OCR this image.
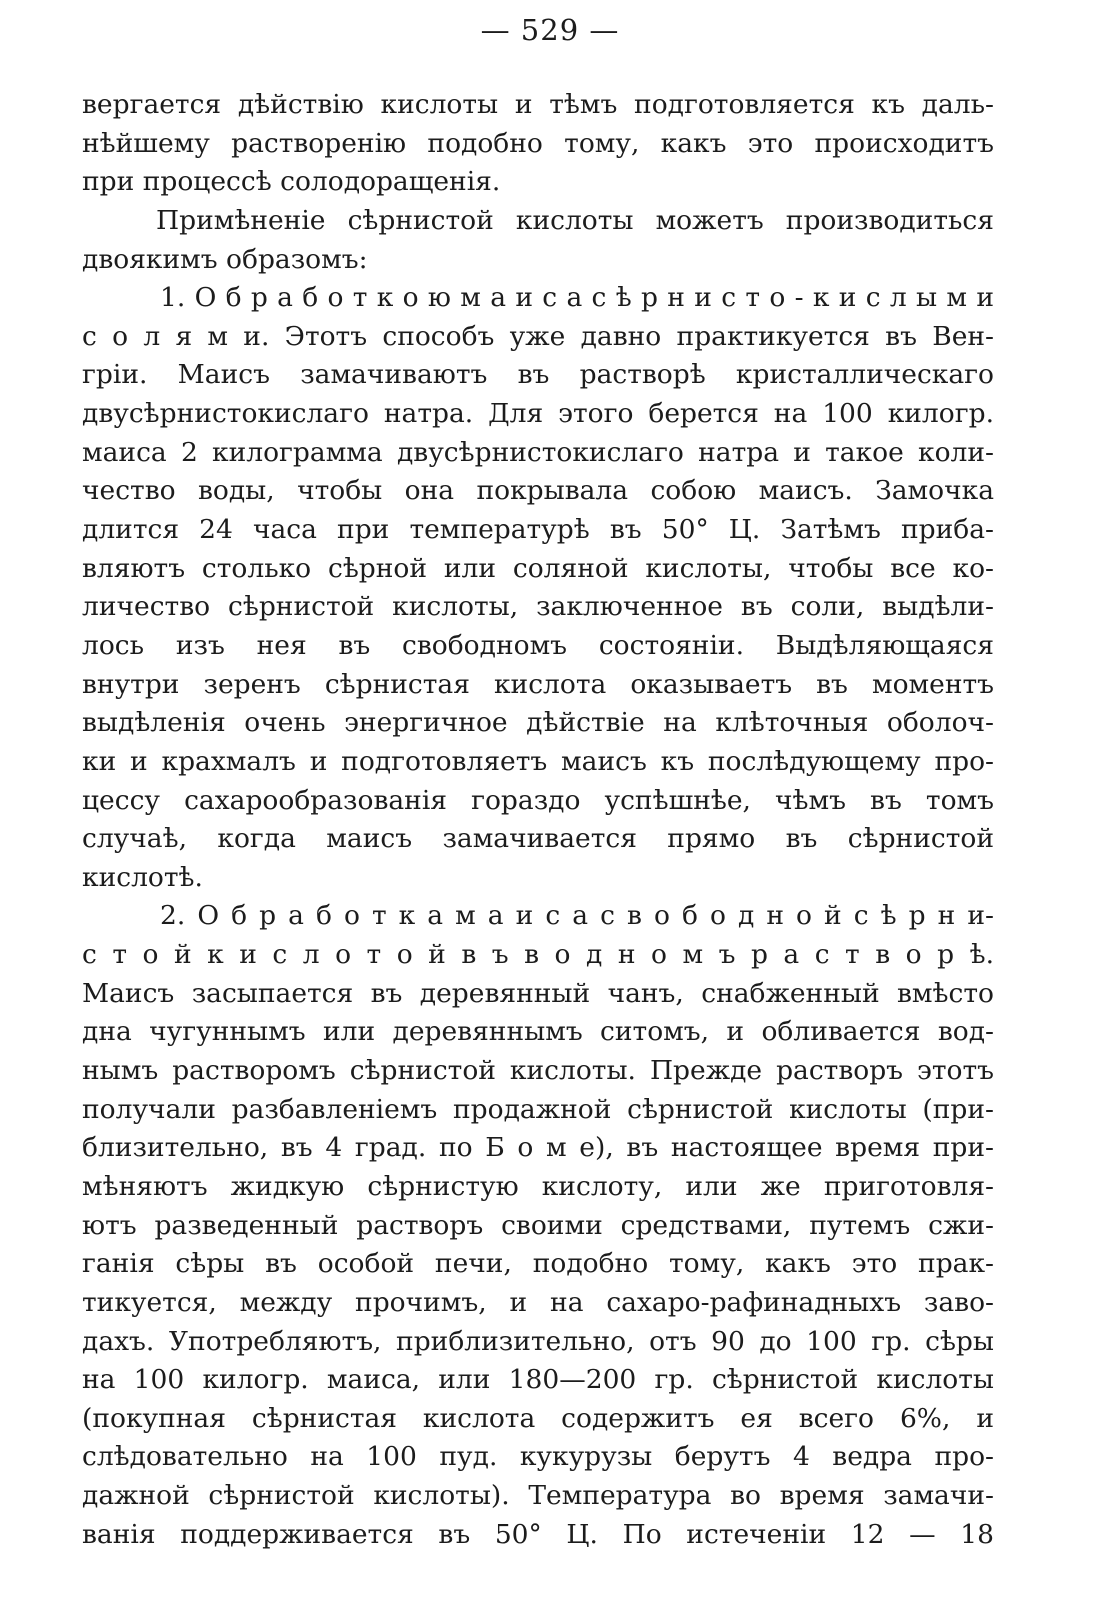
— 529 —
вергается дѣйствію кислоты и тѣмъ подготовляется къ даль-
нѣйшему раствоpенію подобно тому, какъ это происходитъ
при процессѣ солодоращенія.
Примѣненіе сѣрнистой кислоты можетъ производиться
двоякимъ образомъ:
1. О б р а б о т к о ю м а и с а с ѣ р н и с т о - к и с л ы м и
с о л я м и. Этотъ способъ уже давно практикуется въ Вен-
гріи. Маисъ замачиваютъ въ растворѣ кристаллическаго
двусѣрнистокислаго натра. Для этого берется на 100 килогр.
маиса 2 килограмма двусѣрнистокислаго натра и такое коли-
чество воды, чтобы она покрывала собою маисъ. Замочка
длится 24 часа при температурѣ въ 50° Ц. Затѣмъ приба-
вляютъ столько сѣрной или соляной кислоты, чтобы все ко-
личество сѣрнистой кислоты, заключенное въ соли, выдѣли-
лось изъ нея въ свободномъ состояніи. Выдѣляющаяся
внутри зеренъ сѣрнистая кислота оказываетъ въ моментъ
выдѣленія очень энергичное дѣйствіе на клѣточныя оболоч-
ки и крахмалъ и подготовляетъ маисъ къ послѣдующему про-
цессу сахарообразованія гораздо успѣшнѣе, чѣмъ въ томъ
случаѣ, когда маисъ замачивается прямо въ сѣрнистой
кислотѣ.
2. О б р а б о т к а м а и с а с в о б о д н о й с ѣ р н и-
с т о й к и с л о т о й в ъ в о д н о м ъ р а с т в о р ѣ.
Маисъ засыпается въ деревянный чанъ, снабженный вмѣсто
дна чугуннымъ или деревяннымъ ситомъ, и обливается вод-
нымъ растворомъ сѣрнистой кислоты. Прежде растворъ этотъ
получали разбавленіемъ продажной сѣрнистой кислоты (при-
близительно, въ 4 град. по Б о м е), въ настоящее время при-
мѣняютъ жидкую сѣрнистую кислоту, или же приготовля-
ютъ разведенный растворъ своими средствами, путемъ сжи-
ганія сѣры въ особой печи, подобно тому, какъ это прак-
тикуется, между прочимъ, и на сахаро-рафинадныхъ заво-
дахъ. Употребляютъ, приблизительно, отъ 90 до 100 гр. сѣры
на 100 килогр. маиса, или 180—200 гр. сѣрнистой кислоты
(покупная сѣрнистая кислота содержитъ ея всего 6%, и
слѣдовательно на 100 пуд. кукурузы берутъ 4 ведра про-
дажной сѣрнистой кислоты). Температура во время замачи-
ванія поддерживается въ 50° Ц. По истеченіи 12 — 18
